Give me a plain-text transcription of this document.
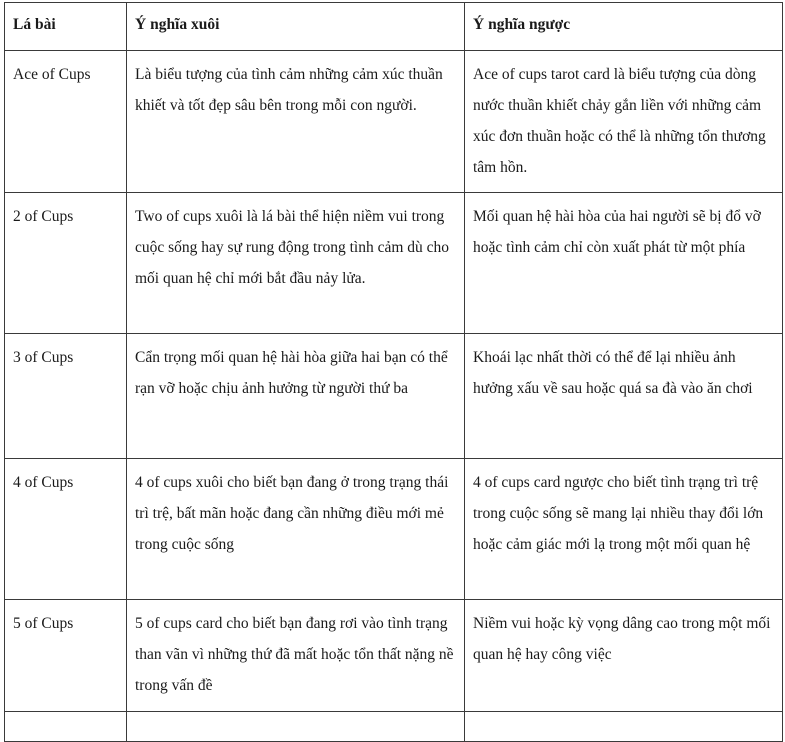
Lá bài	Ý nghĩa xuôi	Ý nghĩa ngược
Ace of Cups	Là biểu tượng của tình cảm những cảm xúc thuần khiết và tốt đẹp sâu bên trong mỗi con người.	Ace of cups tarot card là biểu tượng của dòng nước thuần khiết chảy gắn liền với những cảm xúc đơn thuần hoặc có thể là những tổn thương tâm hồn.
2 of Cups	Two of cups xuôi là lá bài thể hiện niềm vui trong cuộc sống hay sự rung động trong tình cảm dù cho mối quan hệ chỉ mới bắt đầu nảy lửa.	Mối quan hệ hài hòa của hai người sẽ bị đổ vỡ hoặc tình cảm chỉ còn xuất phát từ một phía
3 of Cups	Cẩn trọng mối quan hệ hài hòa giữa hai bạn có thể rạn vỡ hoặc chịu ảnh hưởng từ người thứ ba	Khoái lạc nhất thời có thể để lại nhiều ảnh hưởng xấu về sau hoặc quá sa đà vào ăn chơi
4 of Cups	4 of cups xuôi cho biết bạn đang ở trong trạng thái trì trệ, bất mãn hoặc đang cần những điều mới mẻ trong cuộc sống	4 of cups card ngược cho biết tình trạng trì trệ trong cuộc sống sẽ mang lại nhiều thay đổi lớn hoặc cảm giác mới lạ trong một mối quan hệ
5 of Cups	5 of cups card cho biết bạn đang rơi vào tình trạng than vãn vì những thứ đã mất hoặc tổn thất nặng nề trong vấn đề	Niềm vui hoặc kỳ vọng dâng cao trong một mối quan hệ hay công việc
